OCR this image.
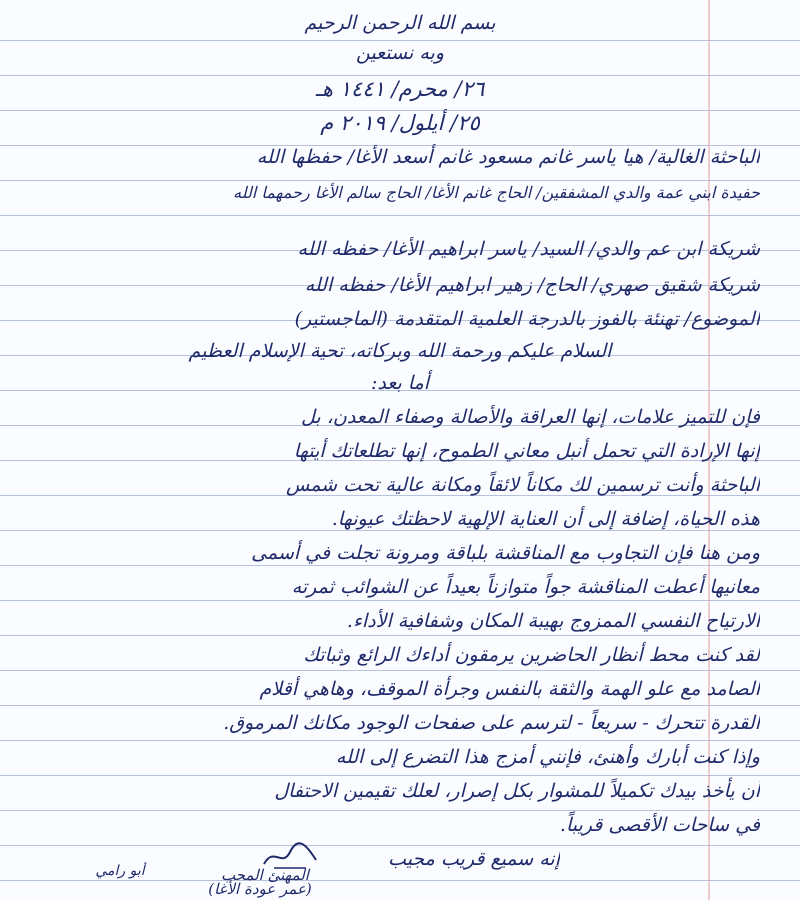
بسم الله الرحمن الرحيم
وبه نستعين
٢٦/ محرم/ ١٤٤١ هـ
٢٥/ أيلول/ ٢٠١٩ م
الباحثة الغالية/ هيا ياسر غانم مسعود غانم أسعد الأغا/ حفظها الله
حفيدة ابني عمة والدي المشفقين/ الحاج غانم الأغا/ الحاج سالم الأغا رحمهما الله
شريكة ابن عم والدي/ السيد/ ياسر ابراهيم الأغا/ حفظه الله
شريكة شقيق صهري/ الحاج/ زهير ابراهيم الأغا/ حفظه الله
الموضوع/ تهنئة بالفوز بالدرجة العلمية المتقدمة (الماجستير)
السلام عليكم ورحمة الله وبركاته، تحية الإسلام العظيم
أما بعد:
فإن للتميز علامات، إنها العراقة والأصالة وصفاء المعدن، بل
إنها الإرادة التي تحمل أنبل معاني الطموح، إنها تطلعاتك أيتها
الباحثة وأنت ترسمين لك مكاناً لائقاً ومكانة عالية تحت شمس
هذه الحياة، إضافة إلى أن العناية الإلهية لاحظتك عيونها.
ومن هنا فإن التجاوب مع المناقشة بلباقة ومرونة تجلت في أسمى
معانيها أعطت المناقشة جواً متوازناً بعيداً عن الشوائب ثمرته
الارتياح النفسي الممزوج بهيبة المكان وشفافية الأداء.
لقد كنت محط أنظار الحاضرين يرمقون أداءك الرائع وثباتك
الصامد مع علو الهمة والثقة بالنفس وجرأة الموقف، وهاهي أقلام
القدرة تتحرك - سريعاً - لترسم على صفحات الوجود مكانك المرموق.
وإذا كنت أبارك وأهنئ، فإنني أمزج هذا التضرع إلى الله
أن يأخذ بيدك تكميلاً للمشوار بكل إصرار، لعلك تقيمين الاحتفال
في ساحات الأقصى قريباً.
إنه سميع قريب مجيب
المهنئ المحب
(عمر عودة الأغا)
أبو رامي
